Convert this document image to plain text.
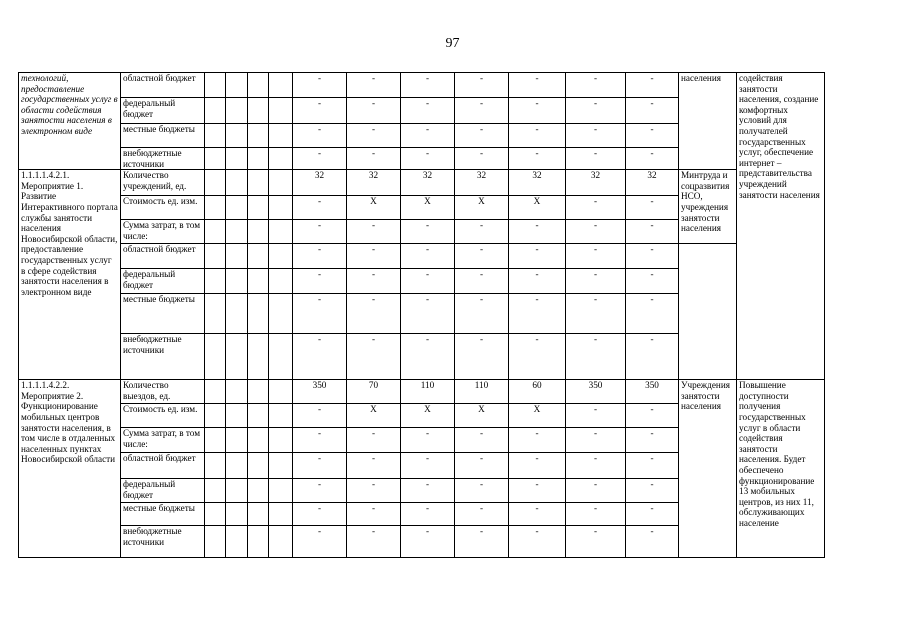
97
технологий, предоставление государственных услуг в области содействия занятости населения в электронном виде	областной бюджет					-	-	-	-	-	-	-	населения	содействия занятости населения, создание комфортных условий для получателей государственных услуг, обеспечение интернет – представительства учреждений занятости населения
	федеральный бюджет					-	-	-	-	-	-	-		
	местные бюджеты					-	-	-	-	-	-	-		
	внебюджетные источники					-	-	-	-	-	-	-		
1.1.1.1.4.2.1. Мероприятие 1. Развитие Интерактивного портала службы занятости населения Новосибирской области, предоставление государственных услуг в сфере содействия занятости населения в электронном виде	Количество учреждений, ед.					32	32	32	32	32	32	32	Минтруда и соцразвития НСО, учреждения занятости населения	
	Стоимость ед. изм.					-	X	X	X	X	-	-		
	Сумма затрат, в том числе:					-	-	-	-	-	-	-		
	областной бюджет					-	-	-	-	-	-	-		
	федеральный бюджет					-	-	-	-	-	-	-		
	местные бюджеты					-	-	-	-	-	-	-		
	внебюджетные источники					-	-	-	-	-	-	-		
1.1.1.1.4.2.2. Мероприятие 2. Функционирование мобильных центров занятости населения, в том числе в отдаленных населенных пунктах Новосибирской области	Количество выездов, ед.					350	70	110	110	60	350	350	Учреждения занятости населения	Повышение доступности получения государственных услуг в области содействия занятости населения. Будет обеспечено функционирование 13 мобильных центров, из них 11, обслуживающих население
	Стоимость ед. изм.					-	X	X	X	X	-	-		
	Сумма затрат, в том числе:					-	-	-	-	-	-	-		
	областной бюджет					-	-	-	-	-	-	-		
	федеральный бюджет					-	-	-	-	-	-	-		
	местные бюджеты					-	-	-	-	-	-	-		
	внебюджетные источники					-	-	-	-	-	-	-		
